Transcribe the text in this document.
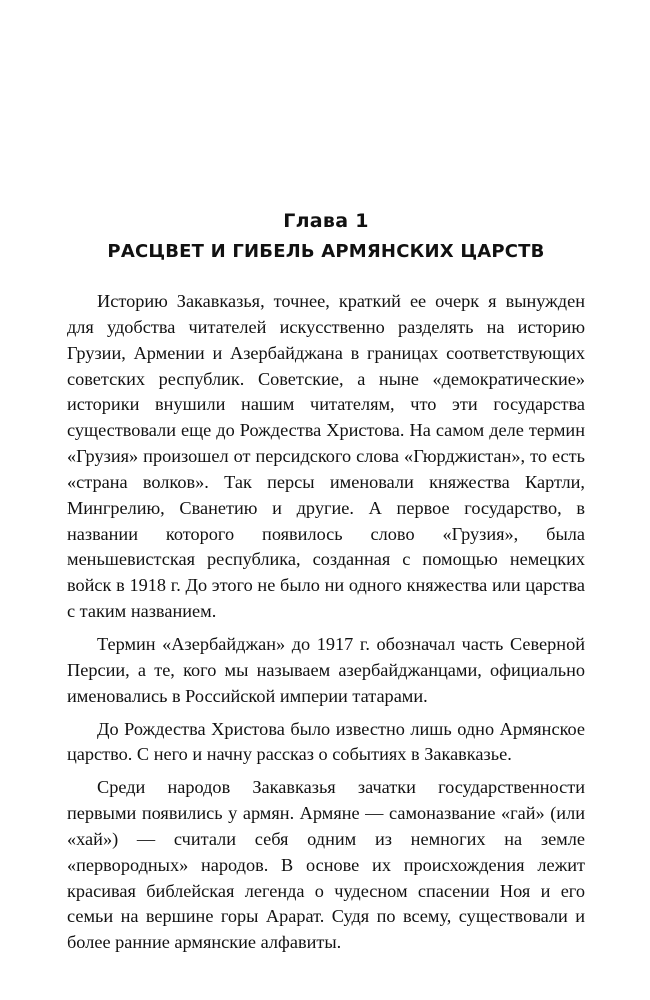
Глава 1
РАСЦВЕТ И ГИБЕЛЬ АРМЯНСКИХ ЦАРСТВ

Историю Закавказья, точнее, краткий ее очерк я вынужден для удобства читателей искусственно разделять на историю Грузии, Армении и Азербайджана в границах соответствующих советских республик. Советские, а ныне «демократические» историки внушили нашим читателям, что эти государства существовали еще до Рождества Христова. На самом деле термин «Грузия» произошел от персидского слова «Гюрджистан», то есть «страна волков». Так персы именовали княжества Картли, Мингрелию, Сванетию и другие. А первое государство, в названии которого появилось слово «Грузия», была меньшевистская республика, созданная с помощью немецких войск в 1918 г. До этого не было ни одного княжества или царства с таким названием.

Термин «Азербайджан» до 1917 г. обозначал часть Северной Персии, а те, кого мы называем азербайджанцами, официально именовались в Российской империи татарами.

До Рождества Христова было известно лишь одно Армянское царство. С него и начну рассказ о событиях в Закавказье.

Среди народов Закавказья зачатки государственности первыми появились у армян. Армяне — самоназвание «гай» (или «хай») — считали себя одним из немногих на земле «первородных» народов. В основе их происхождения лежит красивая библейская легенда о чудесном спасении Ноя и его семьи на вершине горы Арарат. Судя по всему, существовали и более ранние армянские алфавиты.
